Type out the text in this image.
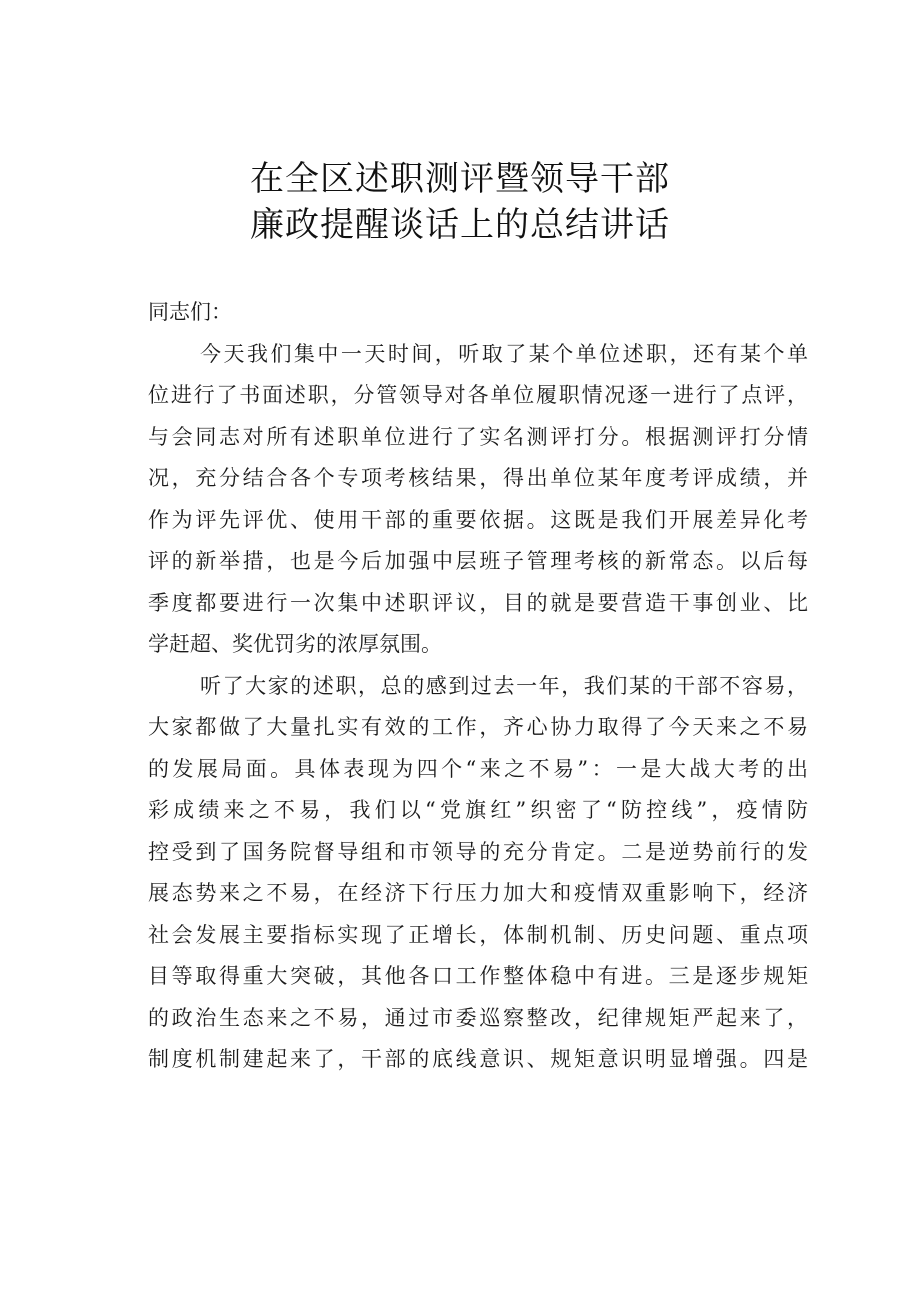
在全区述职测评暨领导干部
廉政提醒谈话上的总结讲话
同志们：
今天我们集中一天时间，听取了某个单位述职，还有某个单
位进行了书面述职，分管领导对各单位履职情况逐一进行了点评，
与会同志对所有述职单位进行了实名测评打分。根据测评打分情
况，充分结合各个专项考核结果，得出单位某年度考评成绩，并
作为评先评优、使用干部的重要依据。这既是我们开展差异化考
评的新举措，也是今后加强中层班子管理考核的新常态。以后每
季度都要进行一次集中述职评议，目的就是要营造干事创业、比
学赶超、奖优罚劣的浓厚氛围。
听了大家的述职，总的感到过去一年，我们某的干部不容易，
大家都做了大量扎实有效的工作，齐心协力取得了今天来之不易
的发展局面。具体表现为四个“来之不易”：一是大战大考的出
彩成绩来之不易，我们以“党旗红”织密了“防控线”，疫情防
控受到了国务院督导组和市领导的充分肯定。二是逆势前行的发
展态势来之不易，在经济下行压力加大和疫情双重影响下，经济
社会发展主要指标实现了正增长，体制机制、历史问题、重点项
目等取得重大突破，其他各口工作整体稳中有进。三是逐步规矩
的政治生态来之不易，通过市委巡察整改，纪律规矩严起来了，
制度机制建起来了，干部的底线意识、规矩意识明显增强。四是
